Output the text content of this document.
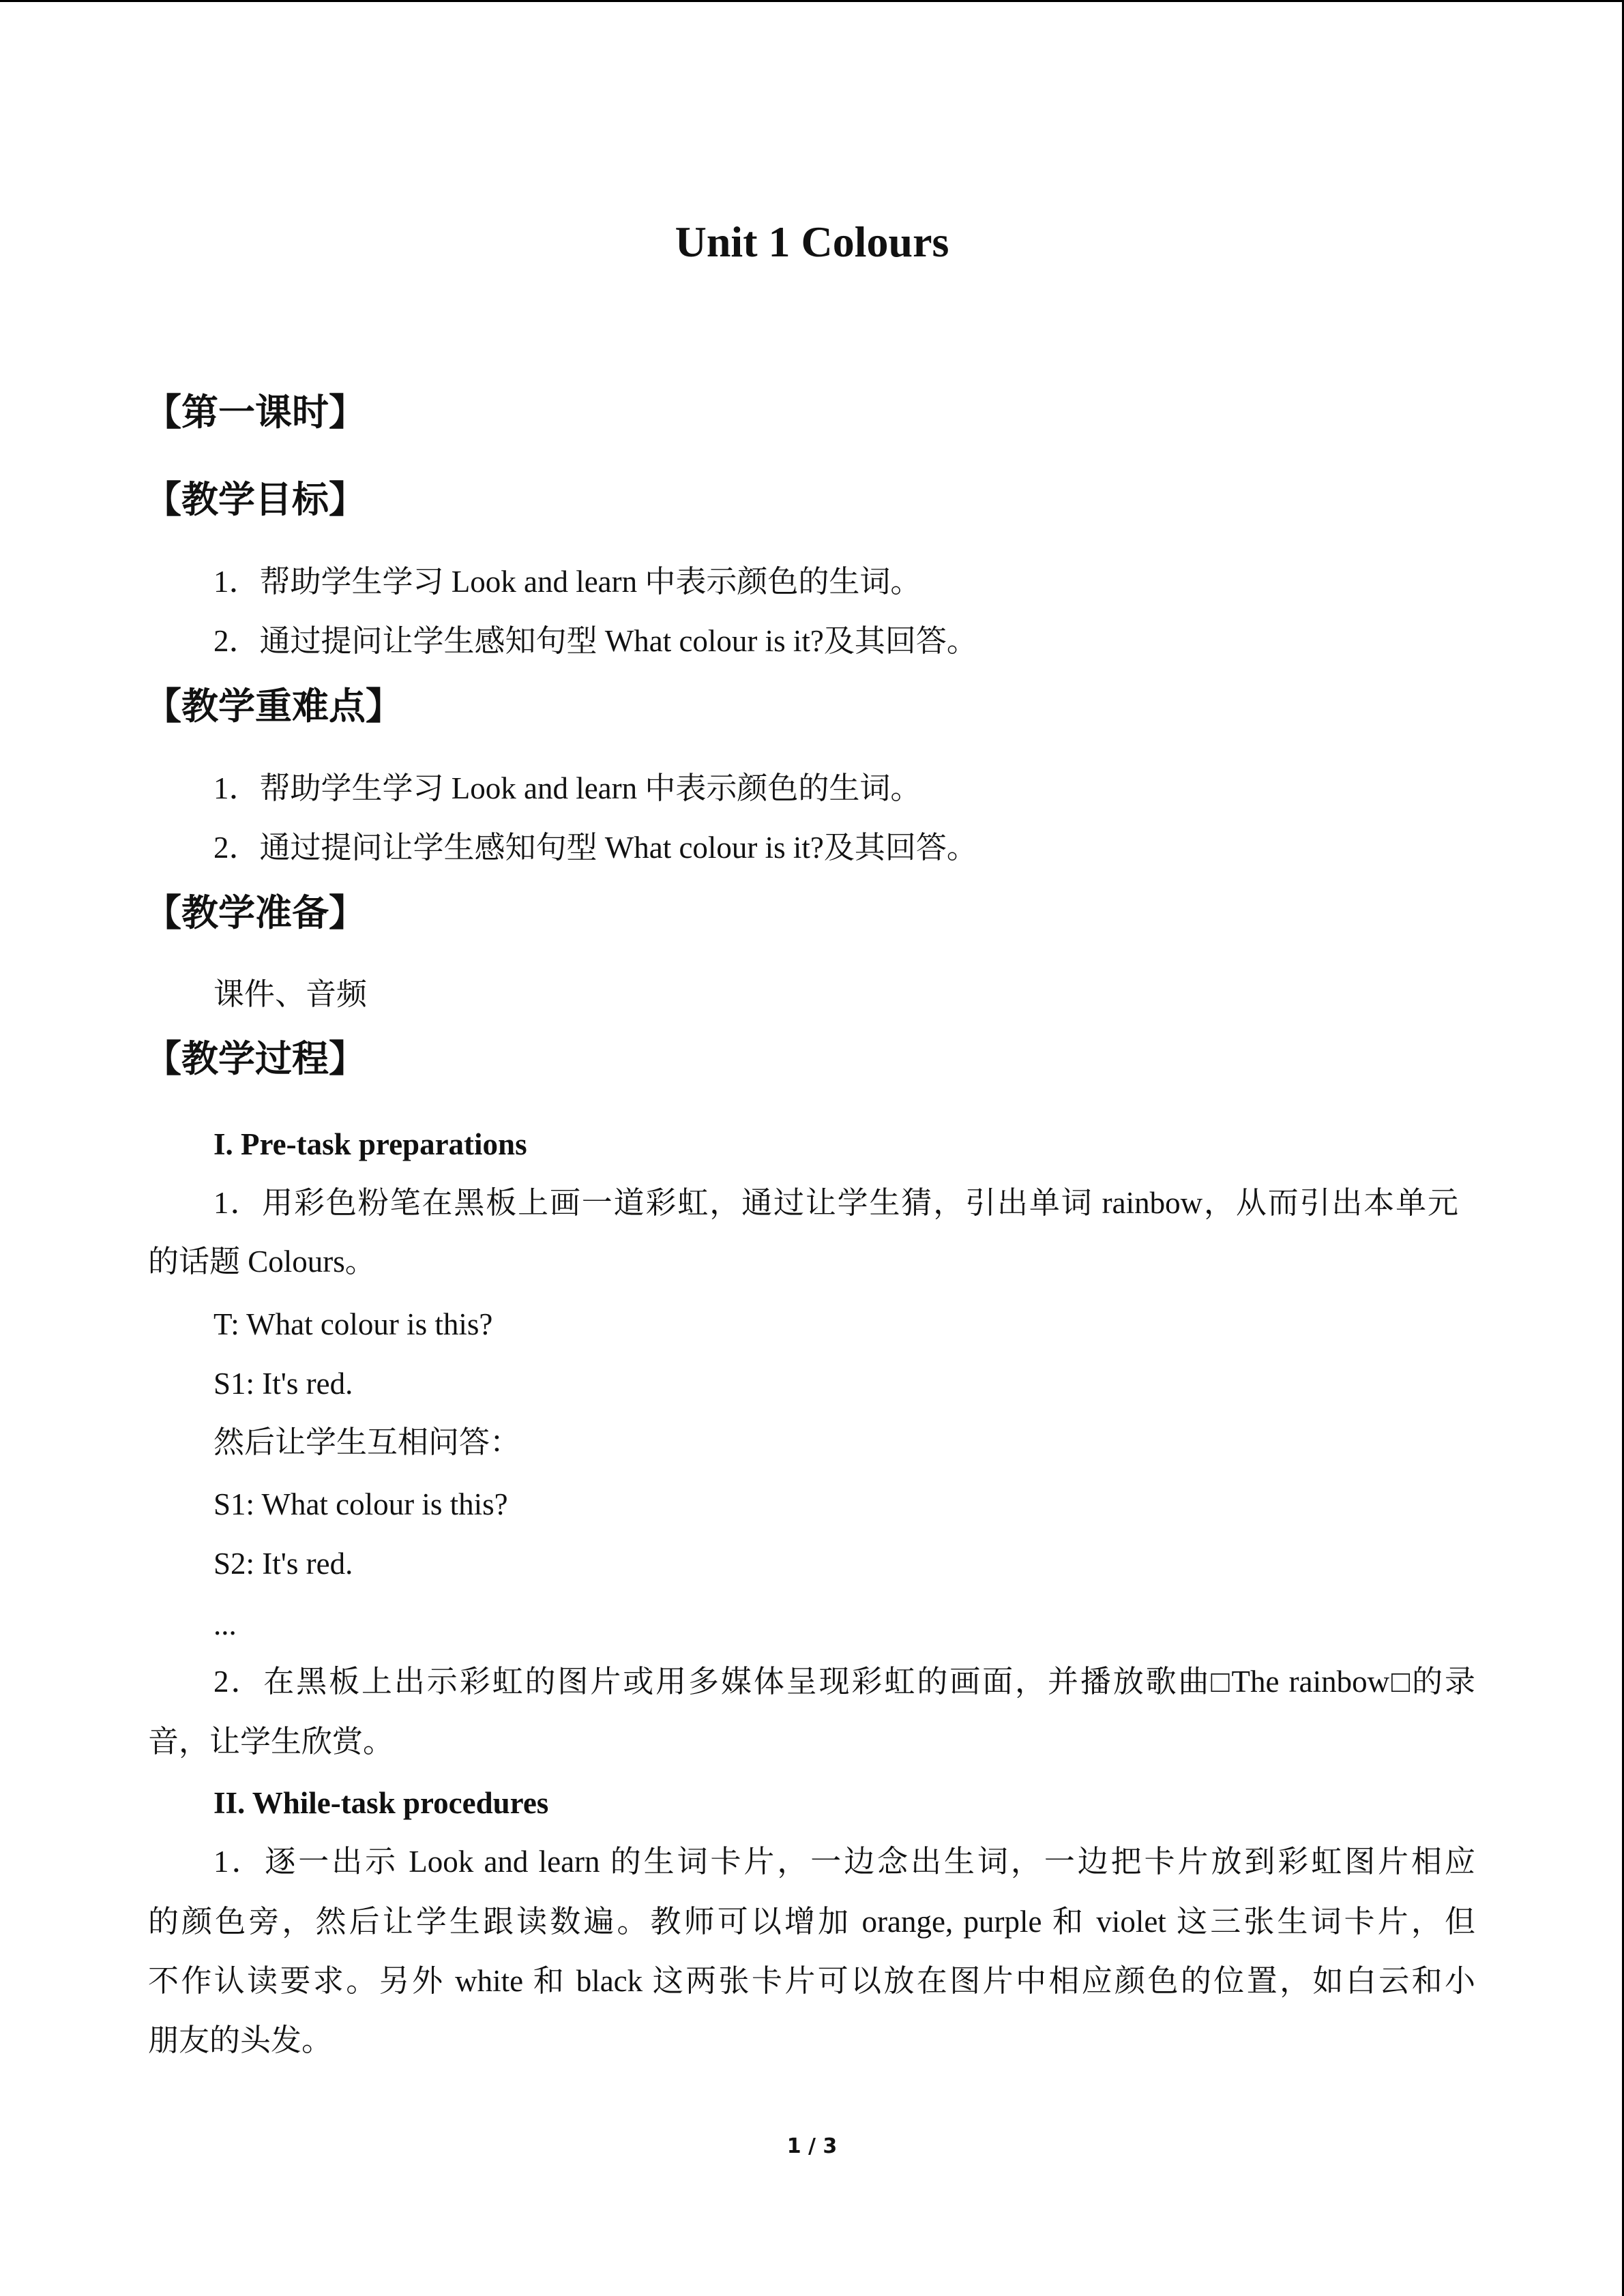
Unit 1 Colours
【第一课时】
【教学目标】

1．帮助学生学习 Look and learn 中表示颜色的生词。

2．通过提问让学生感知句型 What colour is it?及其回答。

【教学重难点】

1．帮助学生学习 Look and learn 中表示颜色的生词。

2．通过提问让学生感知句型 What colour is it?及其回答。

【教学准备】

课件、音频

【教学过程】

I. Pre-task preparations

1．用彩色粉笔在黑板上画一道彩虹，通过让学生猜，引出单词 rainbow，从而引出本单元

的话题 Colours。

T: What colour is this?

S1: It's red.

然后让学生互相问答：

S1: What colour is this?

S2: It's red.

...

2．在黑板上出示彩虹的图片或用多媒体呈现彩虹的画面，并播放歌曲□The rainbow□的录

音，让学生欣赏。

II. While-task procedures

1．逐一出示 Look and learn 的生词卡片，一边念出生词，一边把卡片放到彩虹图片相应

的颜色旁，然后让学生跟读数遍。教师可以增加 orange, purple 和 violet 这三张生词卡片，但

不作认读要求。另外 white 和 black 这两张卡片可以放在图片中相应颜色的位置，如白云和小

朋友的头发。

1 / 3
